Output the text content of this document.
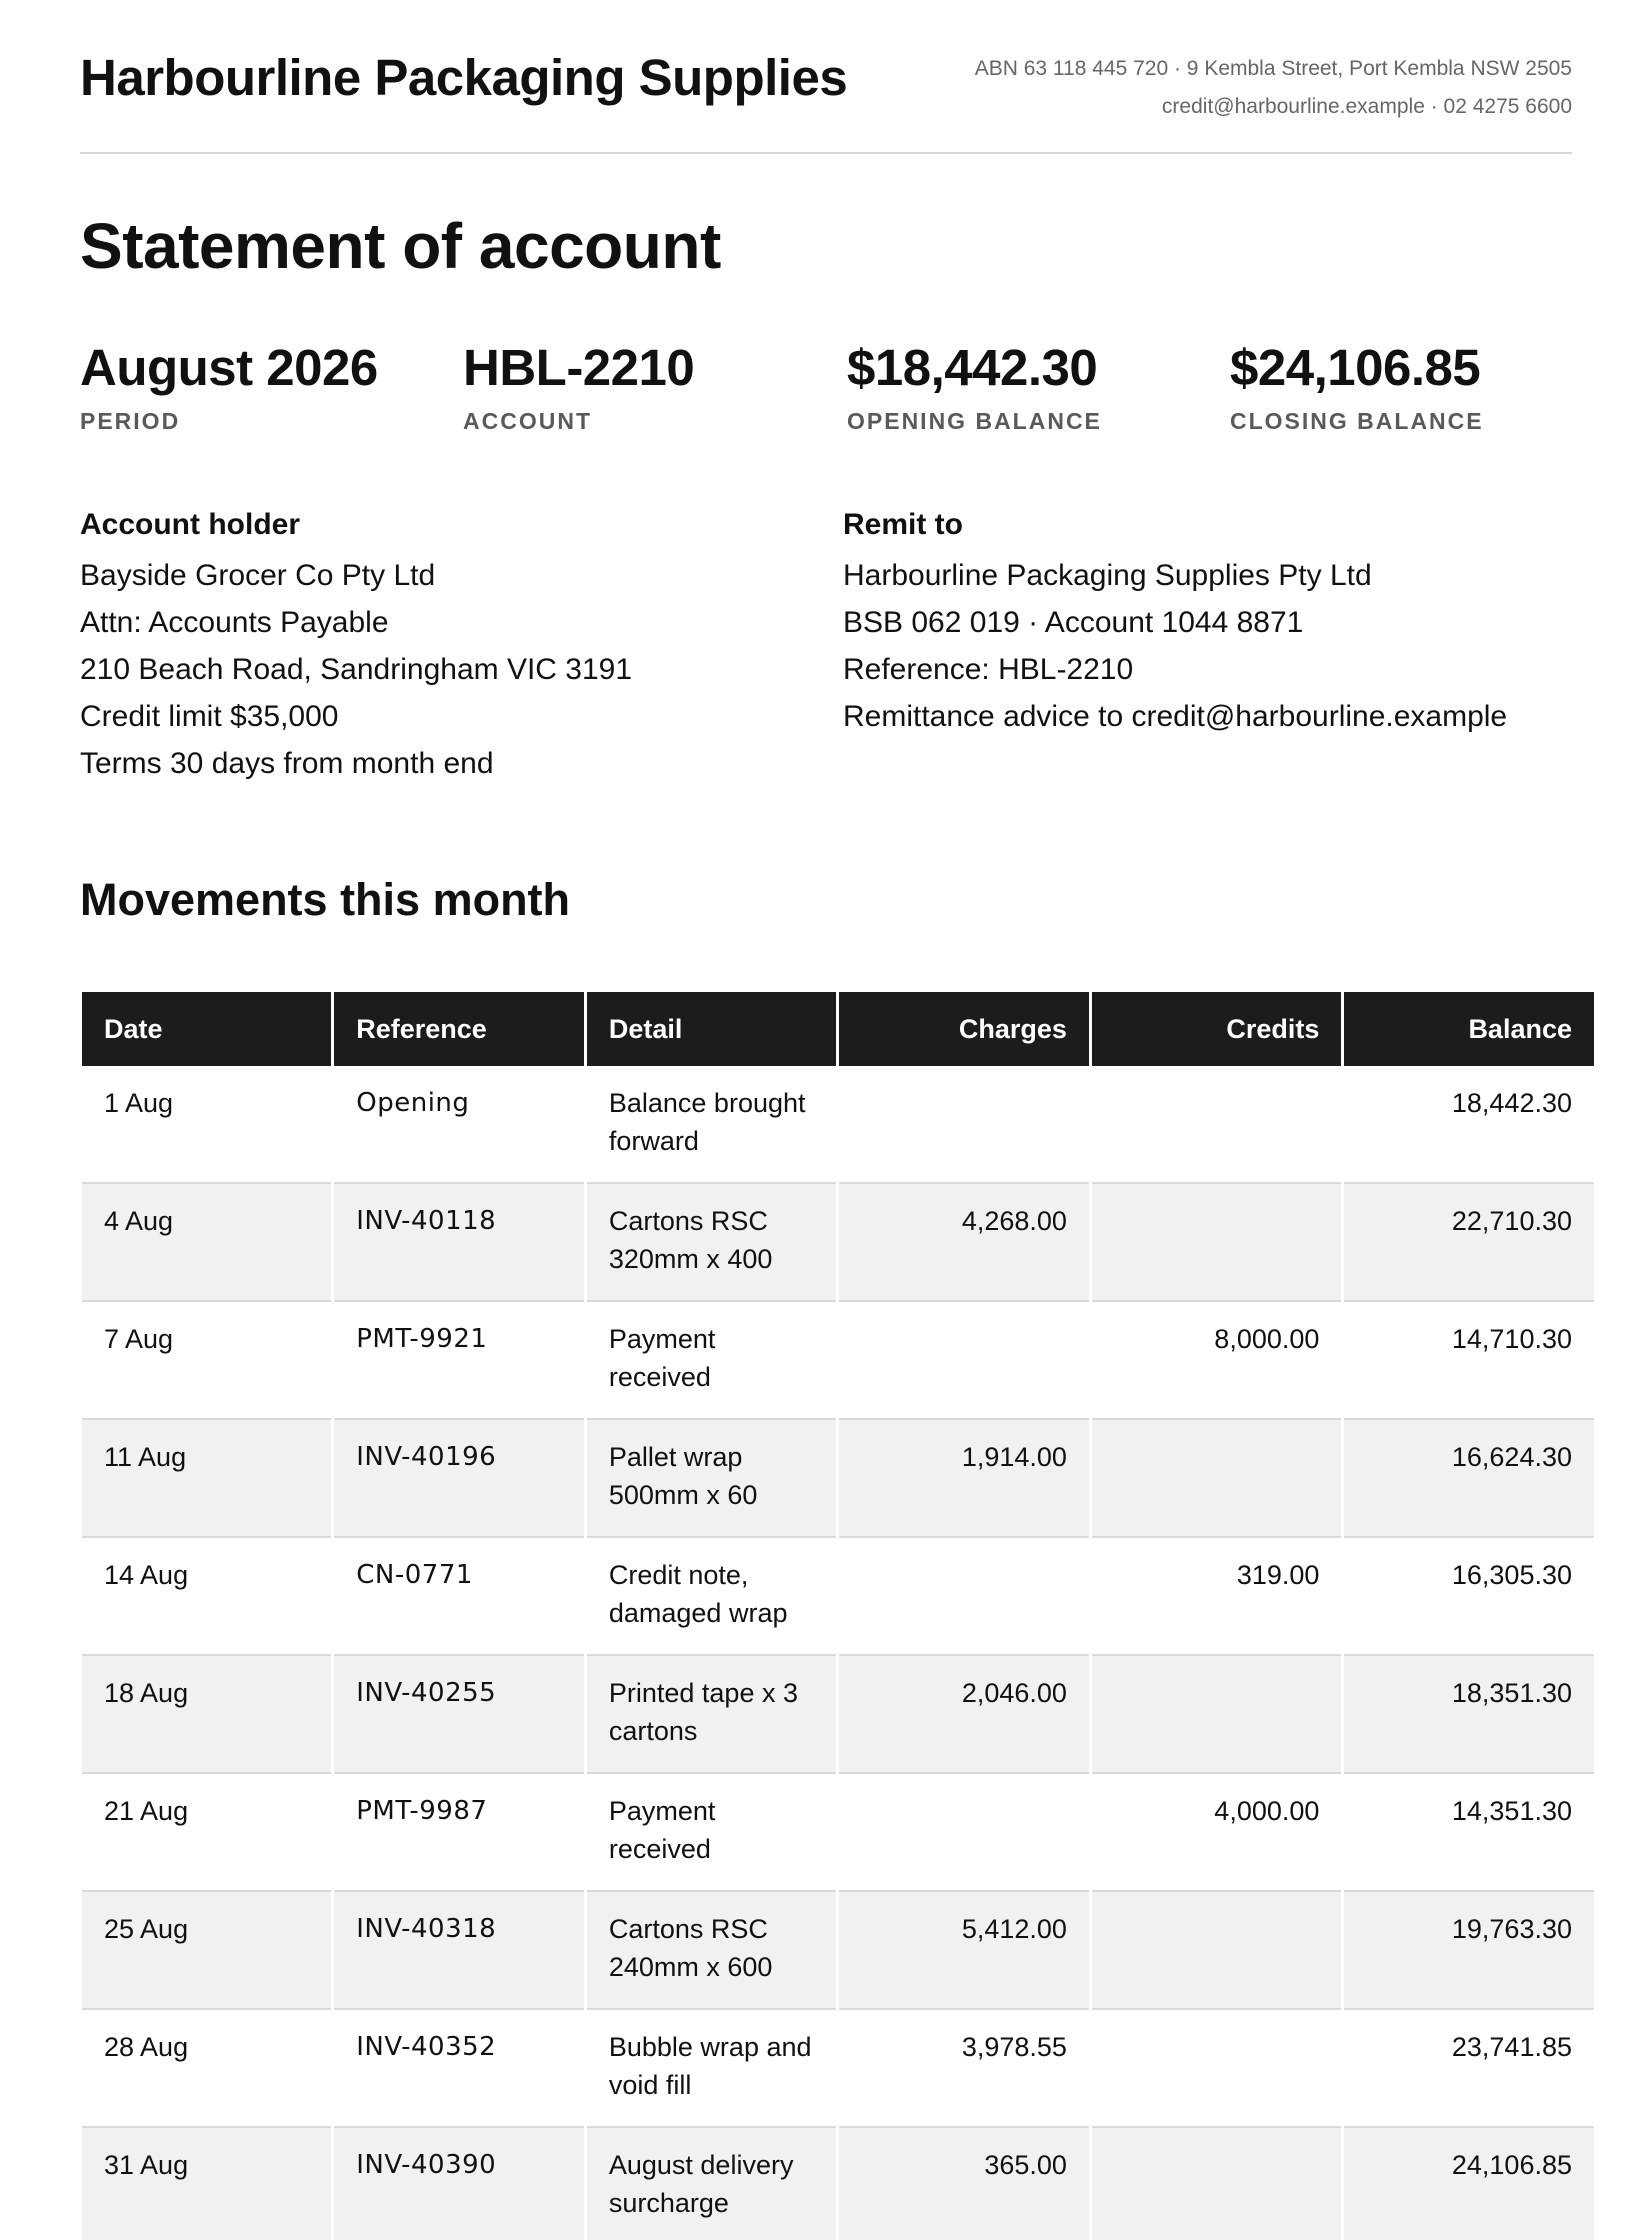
Harbourline Packaging Supplies	ABN 63 118 445 720 · 9 Kembla Street, Port Kembla NSW 2505
credit@harbourline.example · 02 4275 6600
Statement of account
August 2026
PERIOD
HBL-2210
ACCOUNT
$18,442.30
OPENING BALANCE
$24,106.85
CLOSING BALANCE
Account holder
Bayside Grocer Co Pty Ltd
Attn: Accounts Payable
210 Beach Road, Sandringham VIC 3191
Credit limit $35,000
Terms 30 days from month end
Remit to
Harbourline Packaging Supplies Pty Ltd
BSB 062 019 · Account 1044 8871
Reference: HBL-2210
Remittance advice to credit@harbourline.example
Movements this month
Date	Reference	Detail	Charges	Credits	Balance
1 Aug	Opening	Balance brought forward			18,442.30
4 Aug	INV-40118	Cartons RSC 320mm x 400	4,268.00		22,710.30
7 Aug	PMT-9921	Payment received		8,000.00	14,710.30
11 Aug	INV-40196	Pallet wrap 500mm x 60	1,914.00		16,624.30
14 Aug	CN-0771	Credit note, damaged wrap		319.00	16,305.30
18 Aug	INV-40255	Printed tape x 3 cartons	2,046.00		18,351.30
21 Aug	PMT-9987	Payment received		4,000.00	14,351.30
25 Aug	INV-40318	Cartons RSC 240mm x 600	5,412.00		19,763.30
28 Aug	INV-40352	Bubble wrap and void fill	3,978.55		23,741.85
31 Aug	INV-40390	August delivery surcharge	365.00		24,106.85
